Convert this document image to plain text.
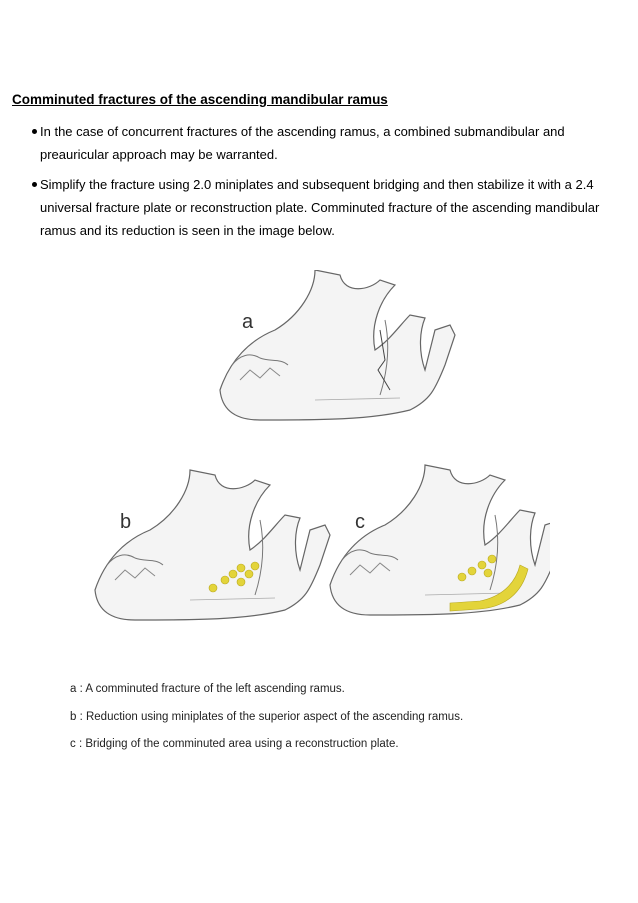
Comminuted fractures of the ascending mandibular ramus
In the case of concurrent fractures of the ascending ramus, a combined submandibular and preauricular approach may be warranted.
Simplify the fracture using 2.0 miniplates and subsequent bridging and then stabilize it with a 2.4 universal fracture plate or reconstruction plate. Comminuted fracture of the ascending mandibular ramus and its reduction is seen in the image below.
a
b	c
a : A comminuted fracture of the left ascending ramus.
b : Reduction using miniplates of the superior aspect of the ascending ramus.
c : Bridging of the comminuted area using a reconstruction plate.
